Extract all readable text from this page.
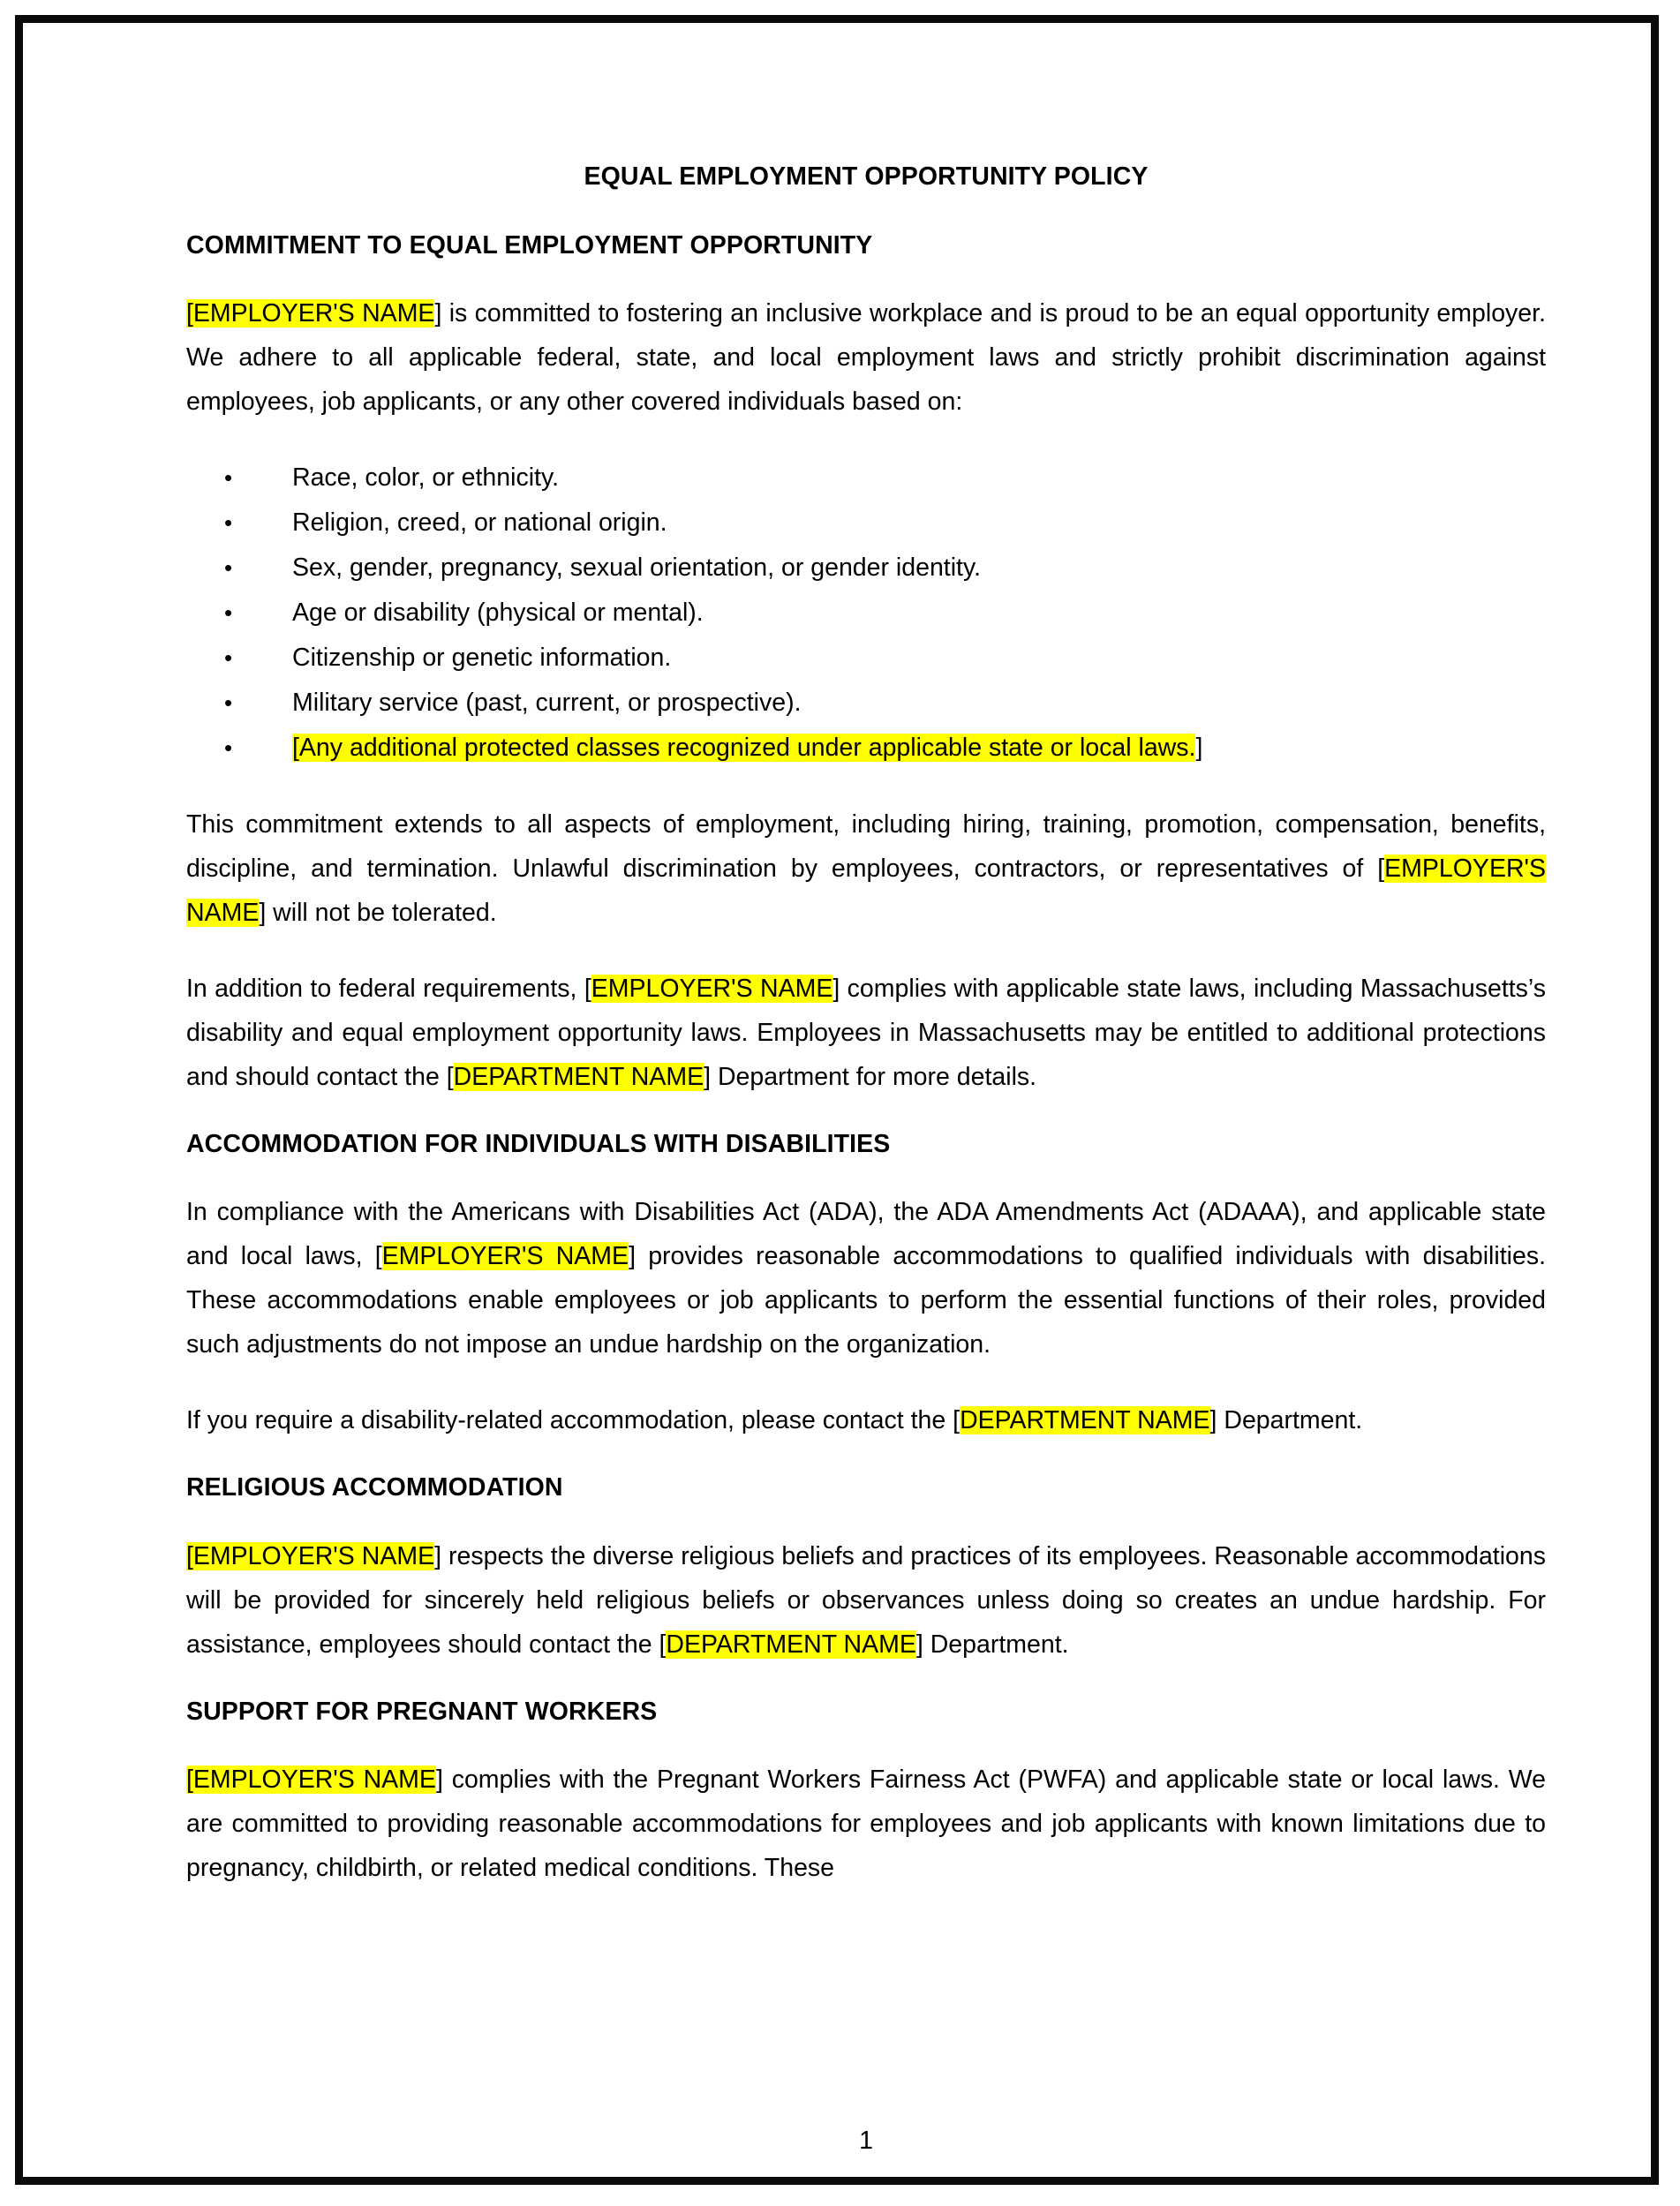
EQUAL EMPLOYMENT OPPORTUNITY POLICY
COMMITMENT TO EQUAL EMPLOYMENT OPPORTUNITY

[EMPLOYER'S NAME] is committed to fostering an inclusive workplace and is proud to be an equal opportunity employer. We adhere to all applicable federal, state, and local employment laws and strictly prohibit discrimination against employees, job applicants, or any other covered individuals based on:

• Race, color, or ethnicity.
• Religion, creed, or national origin.
• Sex, gender, pregnancy, sexual orientation, or gender identity.
• Age or disability (physical or mental).
• Citizenship or genetic information.
• Military service (past, current, or prospective).
• [Any additional protected classes recognized under applicable state or local laws.]

This commitment extends to all aspects of employment, including hiring, training, promotion, compensation, benefits, discipline, and termination. Unlawful discrimination by employees, contractors, or representatives of [EMPLOYER'S NAME] will not be tolerated.

In addition to federal requirements, [EMPLOYER'S NAME] complies with applicable state laws, including Massachusetts’s disability and equal employment opportunity laws. Employees in Massachusetts may be entitled to additional protections and should contact the [DEPARTMENT NAME] Department for more details.

ACCOMMODATION FOR INDIVIDUALS WITH DISABILITIES

In compliance with the Americans with Disabilities Act (ADA), the ADA Amendments Act (ADAAA), and applicable state and local laws, [EMPLOYER'S NAME] provides reasonable accommodations to qualified individuals with disabilities. These accommodations enable employees or job applicants to perform the essential functions of their roles, provided such adjustments do not impose an undue hardship on the organization.

If you require a disability-related accommodation, please contact the [DEPARTMENT NAME] Department.

RELIGIOUS ACCOMMODATION

[EMPLOYER'S NAME] respects the diverse religious beliefs and practices of its employees. Reasonable accommodations will be provided for sincerely held religious beliefs or observances unless doing so creates an undue hardship. For assistance, employees should contact the [DEPARTMENT NAME] Department.

SUPPORT FOR PREGNANT WORKERS

[EMPLOYER'S NAME] complies with the Pregnant Workers Fairness Act (PWFA) and applicable state or local laws. We are committed to providing reasonable accommodations for employees and job applicants with known limitations due to pregnancy, childbirth, or related medical conditions. These

1
